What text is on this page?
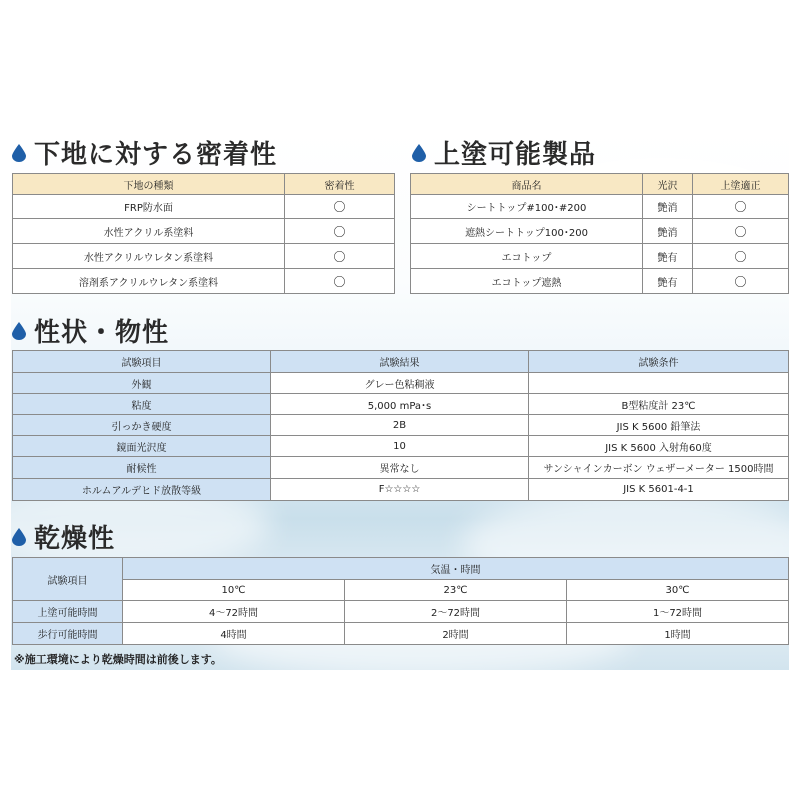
下地に対する密着性
下地の種類	密着性
FRP防水面	〇
水性アクリル系塗料	〇
水性アクリルウレタン系塗料	〇
溶剤系アクリルウレタン系塗料	〇
上塗可能製品
商品名	光沢	上塗適正
シートトップ#100･#200	艶消	〇
遮熱シートトップ100･200	艶消	〇
エコトップ	艶有	〇
エコトップ遮熱	艶有	〇
性状・物性
試験項目	試験結果	試験条件
外観	グレー色粘稠液	
粘度	5,000 mPa･s	B型粘度計 23℃
引っかき硬度	2B	JIS K 5600 鉛筆法
鏡面光沢度	10	JIS K 5600 入射角60度
耐候性	異常なし	サンシャインカーボン ウェザーメーター 1500時間
ホルムアルデヒド放散等級	F☆☆☆☆	JIS K 5601-4-1
乾燥性
試験項目	気温・時間		
	10℃	23℃	30℃
上塗可能時間	4〜72時間	2〜72時間	1〜72時間
歩行可能時間	4時間	2時間	1時間
※施工環境により乾燥時間は前後します。
